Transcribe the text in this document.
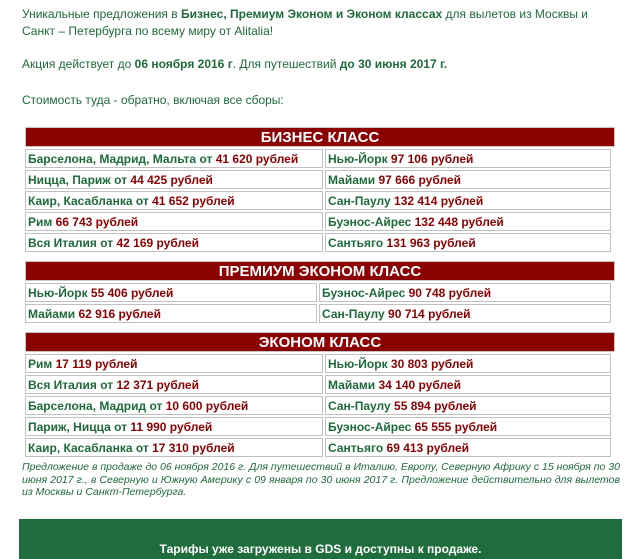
Уникальные предложения в Бизнес, Премиум Эконом и Эконом классах для вылетов из Москвы и Санкт – Петербурга по всему миру от Alitalia!
Акция действует до 06 ноября 2016 г. Для путешествий до 30 июня 2017 г.
Стоимость туда - обратно, включая все сборы:
БИЗНЕС КЛАСС
Барселона, Мадрид, Мальта от 41 620 рублей	Нью-Йорк 97 106 рублей
Ницца, Париж от 44 425 рублей	Майами 97 666 рублей
Каир, Касабланка от 41 652 рублей	Сан-Паулу 132 414 рублей
Рим 66 743 рублей	Буэнос-Айрес 132 448 рублей
Вся Италия от 42 169 рублей	Сантьяго 131 963 рублей
ПРЕМИУМ ЭКОНОМ КЛАСС
Нью-Йорк 55 406 рублей	Буэнос-Айрес 90 748 рублей
Майами 62 916 рублей	Сан-Паулу 90 714 рублей
ЭКОНОМ КЛАСС
Рим 17 119 рублей	Нью-Йорк 30 803 рублей
Вся Италия от 12 371 рублей	Майами 34 140 рублей
Барселона, Мадрид от 10 600 рублей	Сан-Паулу 55 894 рублей
Париж, Ницца от 11 990 рублей	Буэнос-Айрес 65 555 рублей
Каир, Касабланка от 17 310 рублей	Сантьяго 69 413 рублей
Предложение в продаже до 06 ноября 2016 г. Для путешествий в Италию, Европу, Северную Африку с 15 ноября по 30 июня 2017 г., в Северную и Южную Америку с 09 января по 30 июня 2017 г. Предложение действительно для вылетов из Москвы и Санкт-Петербурга.
Тарифы уже загружены в GDS и доступны к продаже.
